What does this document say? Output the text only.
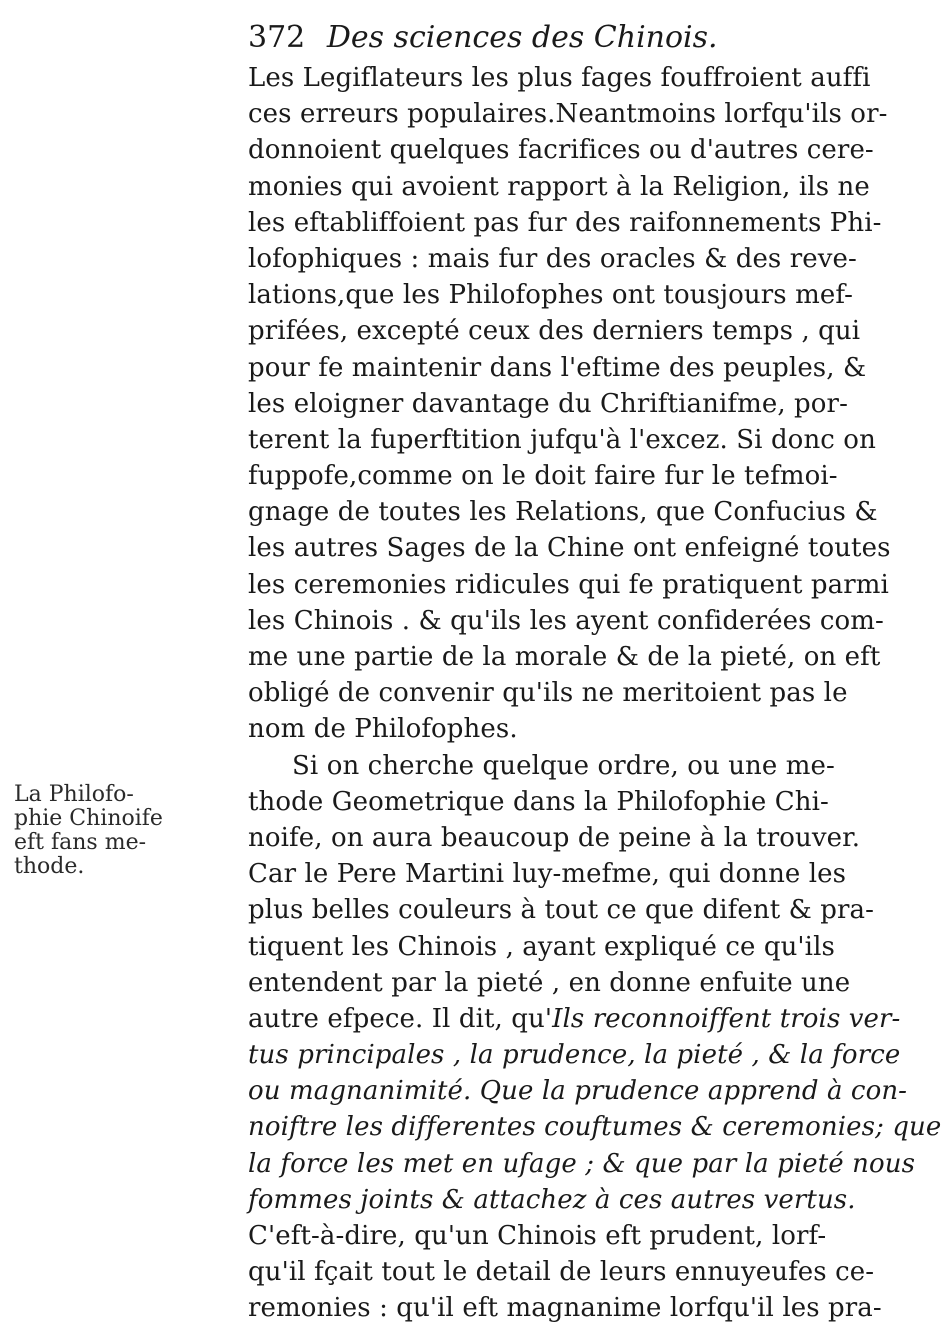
372 Des sciences des Chinois.
La Philofo-
phie Chinoife
eft fans me-
thode.
Les Legiflateurs les plus fages fouffroient auffi
ces erreurs populaires.Neantmoins lorfqu'ils or-
donnoient quelques facrifices ou d'autres cere-
monies qui avoient rapport à la Religion, ils ne
les eftabliffoient pas fur des raifonnements Phi-
lofophiques : mais fur des oracles & des reve-
lations,que les Philofophes ont tousjours mef-
prifées, excepté ceux des derniers temps , qui
pour fe maintenir dans l'eftime des peuples, &
les eloigner davantage du Chriftianifme, por-
terent la fuperftition jufqu'à l'excez. Si donc on
fuppofe,comme on le doit faire fur le tefmoi-
gnage de toutes les Relations, que Confucius &
les autres Sages de la Chine ont enfeigné toutes
les ceremonies ridicules qui fe pratiquent parmi
les Chinois . & qu'ils les ayent confiderées com-
me une partie de la morale & de la pieté, on eft
obligé de convenir qu'ils ne meritoient pas le
nom de Philofophes.
Si on cherche quelque ordre, ou une me-
thode Geometrique dans la Philofophie Chi-
noife, on aura beaucoup de peine à la trouver.
Car le Pere Martini luy-mefme, qui donne les
plus belles couleurs à tout ce que difent & pra-
tiquent les Chinois , ayant expliqué ce qu'ils
entendent par la pieté , en donne enfuite une
autre efpece. Il dit, qu'Ils reconnoiffent trois ver-
tus principales , la prudence, la pieté , & la force
ou magnanimité. Que la prudence apprend à con-
noiftre les differentes couftumes & ceremonies; que
la force les met en ufage ; & que par la pieté nous
fommes joints & attachez à ces autres vertus.
C'eft-à-dire, qu'un Chinois eft prudent, lorf-
qu'il fçait tout le detail de leurs ennuyeufes ce-
remonies : qu'il eft magnanime lorfqu'il les pra-
